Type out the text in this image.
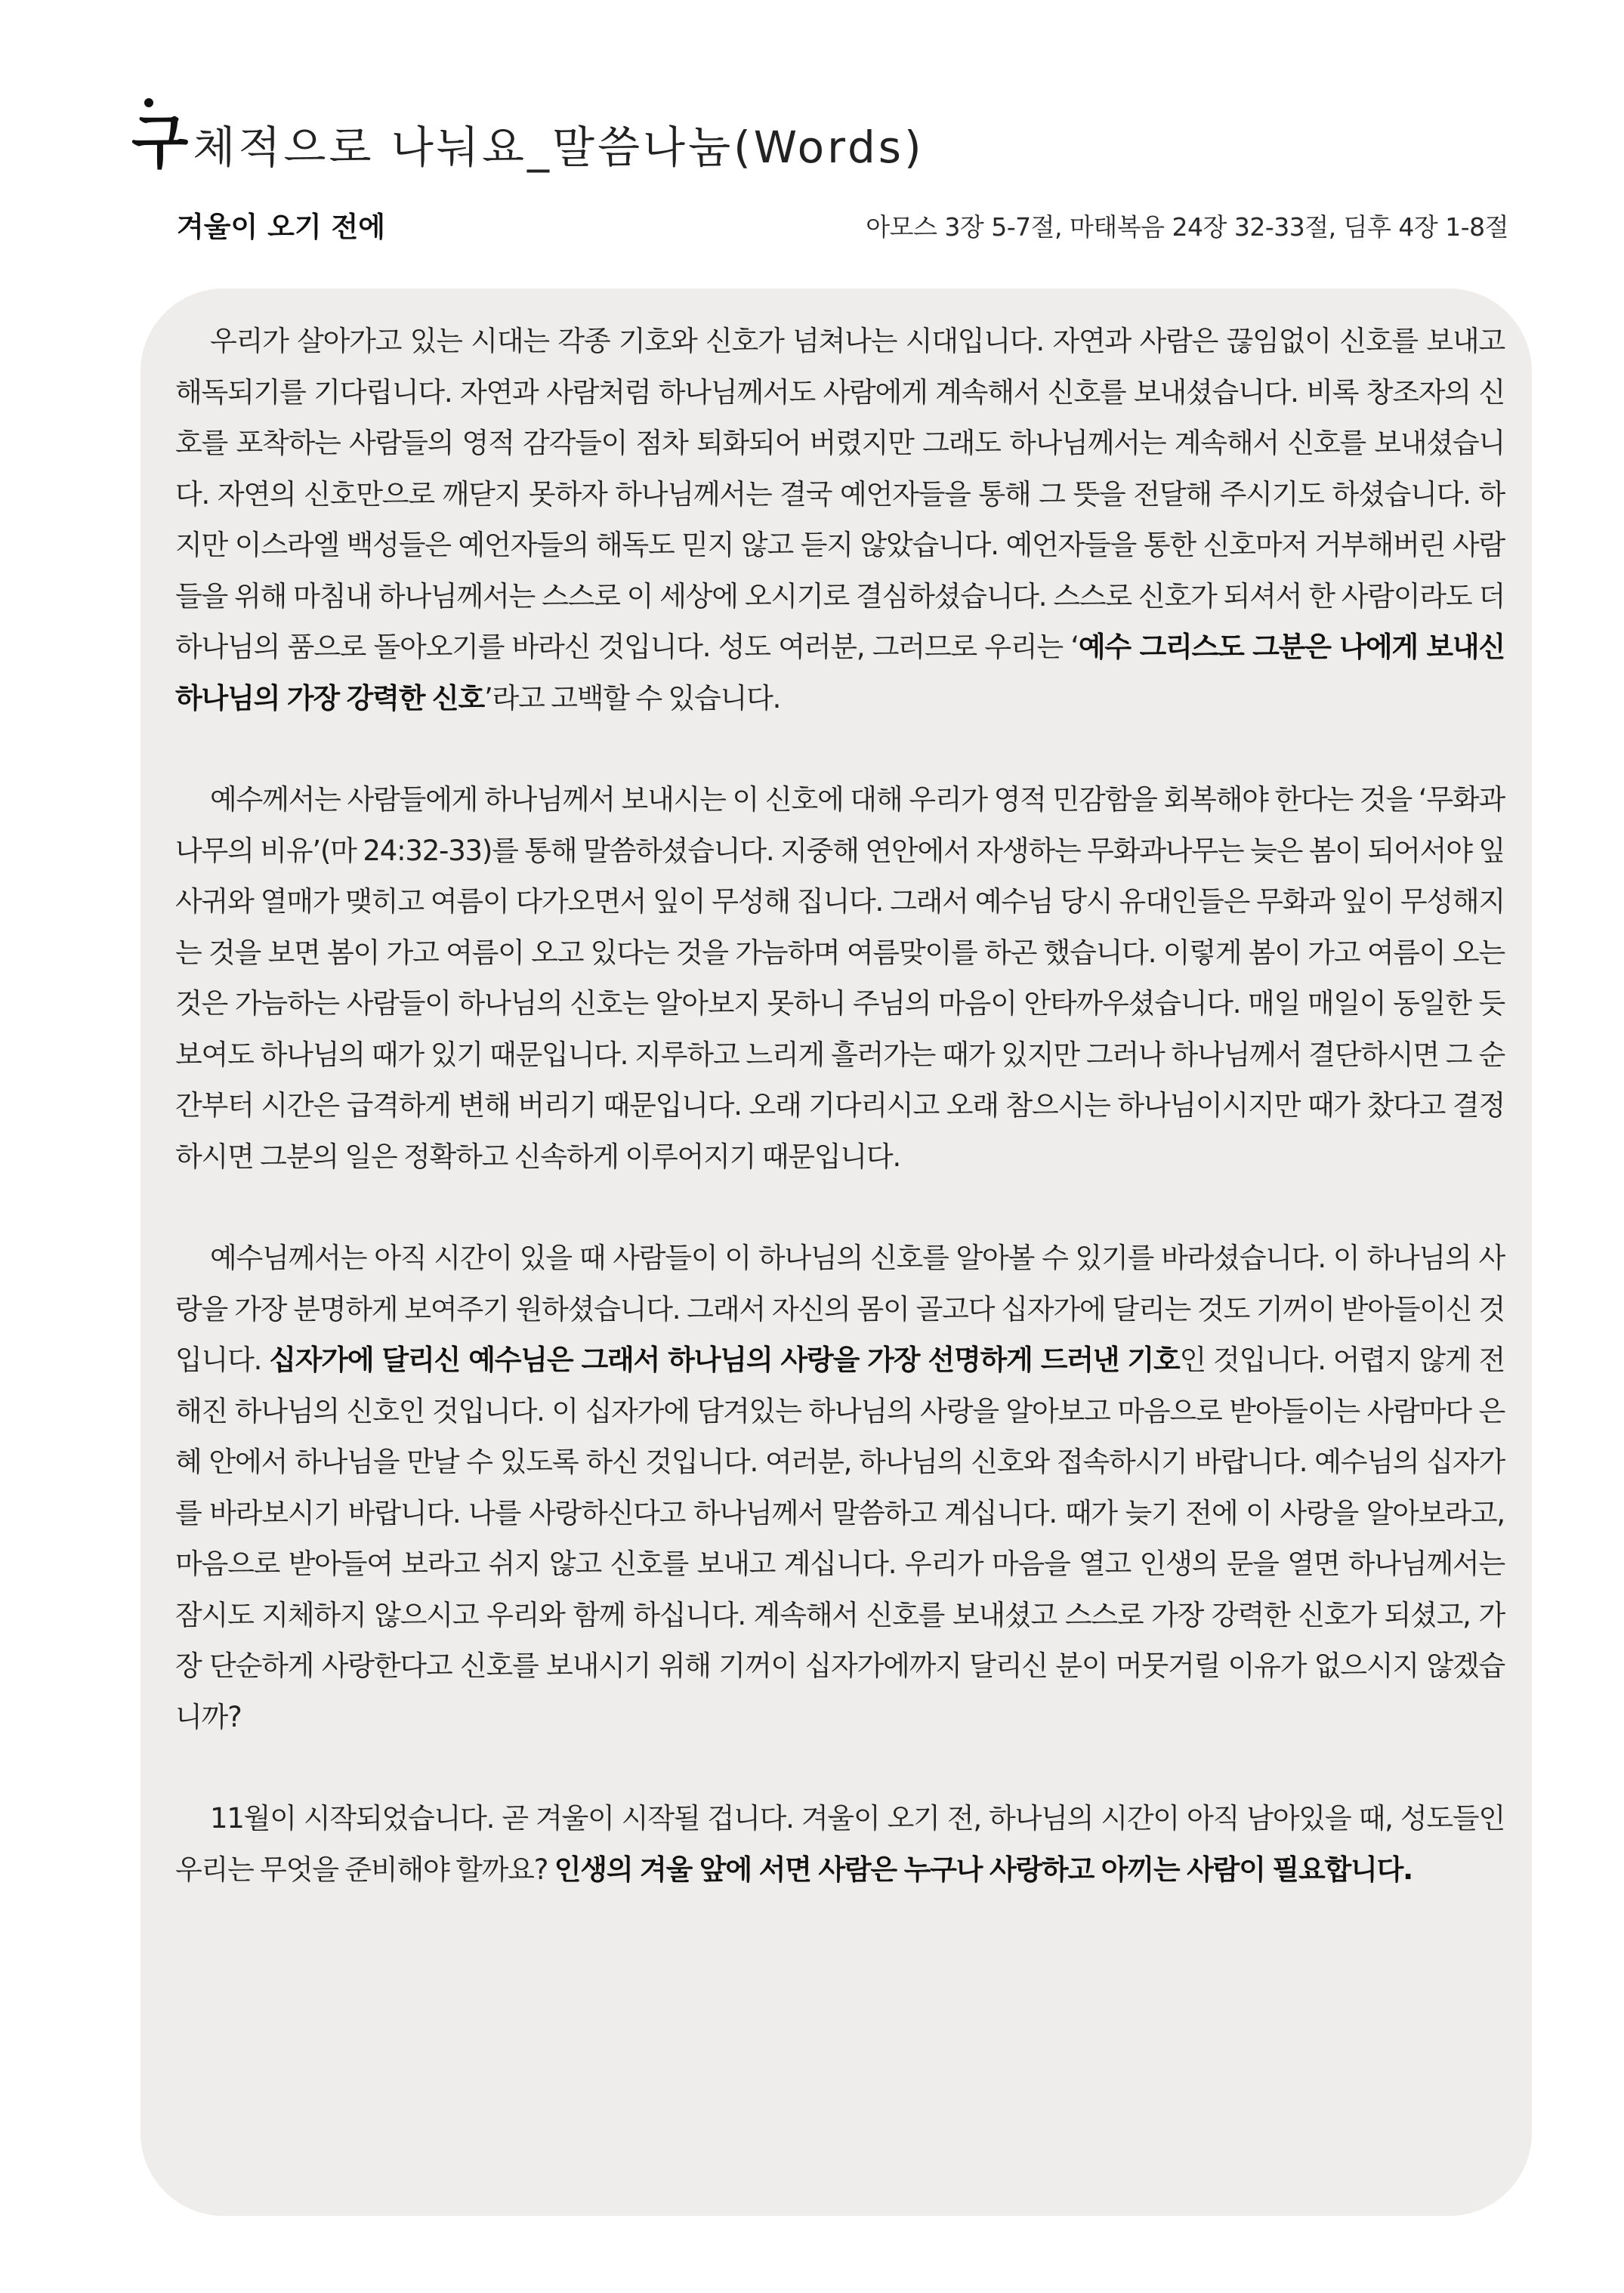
구 체적으로 나눠요_말씀나눔(Words)
겨울이 오기 전에	아모스 3장 5-7절, 마태복음 24장 32-33절, 딤후 4장 1-8절

우리가 살아가고 있는 시대는 각종 기호와 신호가 넘쳐나는 시대입니다. 자연과 사람은 끊임없이 신호를 보내고 해독되기를 기다립니다. 자연과 사람처럼 하나님께서도 사람에게 계속해서 신호를 보내셨습니다. 비록 창조자의 신호를 포착하는 사람들의 영적 감각들이 점차 퇴화되어 버렸지만 그래도 하나님께서는 계속해서 신호를 보내셨습니다. 자연의 신호만으로 깨닫지 못하자 하나님께서는 결국 예언자들을 통해 그 뜻을 전달해 주시기도 하셨습니다. 하지만 이스라엘 백성들은 예언자들의 해독도 믿지 않고 듣지 않았습니다. 예언자들을 통한 신호마저 거부해버린 사람들을 위해 마침내 하나님께서는 스스로 이 세상에 오시기로 결심하셨습니다. 스스로 신호가 되셔서 한 사람이라도 더 하나님의 품으로 돌아오기를 바라신 것입니다. 성도 여러분, 그러므로 우리는 ‘예수 그리스도 그분은 나에게 보내신 하나님의 가장 강력한 신호’라고 고백할 수 있습니다.

예수께서는 사람들에게 하나님께서 보내시는 이 신호에 대해 우리가 영적 민감함을 회복해야 한다는 것을 ‘무화과 나무의 비유’(마 24:32-33)를 통해 말씀하셨습니다. 지중해 연안에서 자생하는 무화과나무는 늦은 봄이 되어서야 잎사귀와 열매가 맺히고 여름이 다가오면서 잎이 무성해 집니다. 그래서 예수님 당시 유대인들은 무화과 잎이 무성해지는 것을 보면 봄이 가고 여름이 오고 있다는 것을 가늠하며 여름맞이를 하곤 했습니다. 이렇게 봄이 가고 여름이 오는 것은 가늠하는 사람들이 하나님의 신호는 알아보지 못하니 주님의 마음이 안타까우셨습니다. 매일 매일이 동일한 듯 보여도 하나님의 때가 있기 때문입니다. 지루하고 느리게 흘러가는 때가 있지만 그러나 하나님께서 결단하시면 그 순간부터 시간은 급격하게 변해 버리기 때문입니다. 오래 기다리시고 오래 참으시는 하나님이시지만 때가 찼다고 결정하시면 그분의 일은 정확하고 신속하게 이루어지기 때문입니다.

예수님께서는 아직 시간이 있을 때 사람들이 이 하나님의 신호를 알아볼 수 있기를 바라셨습니다. 이 하나님의 사랑을 가장 분명하게 보여주기 원하셨습니다. 그래서 자신의 몸이 골고다 십자가에 달리는 것도 기꺼이 받아들이신 것입니다. 십자가에 달리신 예수님은 그래서 하나님의 사랑을 가장 선명하게 드러낸 기호인 것입니다. 어렵지 않게 전해진 하나님의 신호인 것입니다. 이 십자가에 담겨있는 하나님의 사랑을 알아보고 마음으로 받아들이는 사람마다 은혜 안에서 하나님을 만날 수 있도록 하신 것입니다. 여러분, 하나님의 신호와 접속하시기 바랍니다. 예수님의 십자가를 바라보시기 바랍니다. 나를 사랑하신다고 하나님께서 말씀하고 계십니다. 때가 늦기 전에 이 사랑을 알아보라고, 마음으로 받아들여 보라고 쉬지 않고 신호를 보내고 계십니다. 우리가 마음을 열고 인생의 문을 열면 하나님께서는 잠시도 지체하지 않으시고 우리와 함께 하십니다. 계속해서 신호를 보내셨고 스스로 가장 강력한 신호가 되셨고, 가장 단순하게 사랑한다고 신호를 보내시기 위해 기꺼이 십자가에까지 달리신 분이 머뭇거릴 이유가 없으시지 않겠습니까?

11월이 시작되었습니다. 곧 겨울이 시작될 겁니다. 겨울이 오기 전, 하나님의 시간이 아직 남아있을 때, 성도들인 우리는 무엇을 준비해야 할까요? 인생의 겨울 앞에 서면 사람은 누구나 사랑하고 아끼는 사람이 필요합니다.
